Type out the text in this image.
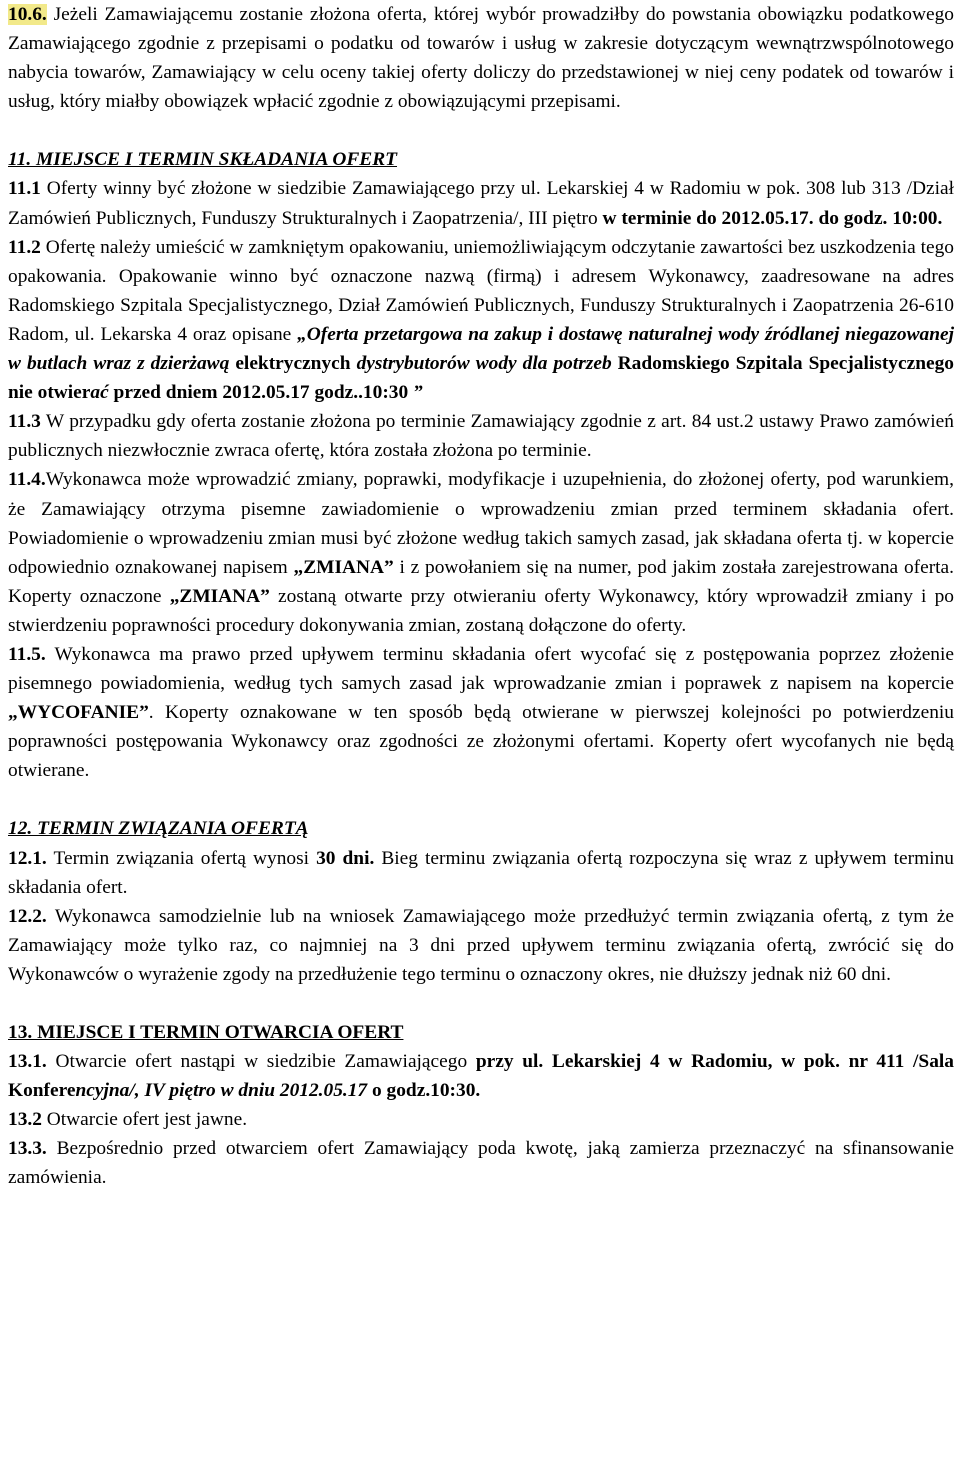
10.6. Jeżeli Zamawiającemu zostanie złożona oferta, której wybór prowadziłby do powstania obowiązku podatkowego Zamawiającego zgodnie z przepisami o podatku od towarów i usług w zakresie dotyczącym wewnątrzwspólnotowego nabycia towarów, Zamawiający w celu oceny takiej oferty doliczy do przedstawionej w niej ceny podatek od towarów i usług, który miałby obowiązek wpłacić zgodnie z obowiązującymi przepisami.

11. MIEJSCE I TERMIN SKŁADANIA OFERT

11.1 Oferty winny być złożone w siedzibie Zamawiającego przy ul. Lekarskiej 4 w Radomiu w pok. 308 lub 313 /Dział Zamówień Publicznych, Funduszy Strukturalnych i Zaopatrzenia/, III piętro w terminie do 2012.05.17. do godz. 10:00.

11.2 Ofertę należy umieścić w zamkniętym opakowaniu, uniemożliwiającym odczytanie zawartości bez uszkodzenia tego opakowania. Opakowanie winno być oznaczone nazwą (firmą) i adresem Wykonawcy, zaadresowane na adres Radomskiego Szpitala Specjalistycznego, Dział Zamówień Publicznych, Funduszy Strukturalnych i Zaopatrzenia 26-610 Radom, ul. Lekarska 4 oraz opisane „Oferta przetargowa na zakup i dostawę naturalnej wody źródlanej niegazowanej w butlach wraz z dzierżawą elektrycznych dystrybutorów wody dla potrzeb Radomskiego Szpitala Specjalistycznego nie otwierać przed dniem 2012.05.17 godz..10:30 ”

11.3 W przypadku gdy oferta zostanie złożona po terminie Zamawiający zgodnie z art. 84 ust.2 ustawy Prawo zamówień publicznych niezwłocznie zwraca ofertę, która została złożona po terminie.

11.4.Wykonawca może wprowadzić zmiany, poprawki, modyfikacje i uzupełnienia, do złożonej oferty, pod warunkiem, że Zamawiający otrzyma pisemne zawiadomienie o wprowadzeniu zmian przed terminem składania ofert. Powiadomienie o wprowadzeniu zmian musi być złożone według takich samych zasad, jak składana oferta tj. w kopercie odpowiednio oznakowanej napisem „ZMIANA” i z powołaniem się na numer, pod jakim została zarejestrowana oferta. Koperty oznaczone „ZMIANA” zostaną otwarte przy otwieraniu oferty Wykonawcy, który wprowadził zmiany i po stwierdzeniu poprawności procedury dokonywania zmian, zostaną dołączone do oferty.

11.5. Wykonawca ma prawo przed upływem terminu składania ofert wycofać się z postępowania poprzez złożenie pisemnego powiadomienia, według tych samych zasad jak wprowadzanie zmian i poprawek z napisem na kopercie „WYCOFANIE”. Koperty oznakowane w ten sposób będą otwierane w pierwszej kolejności po potwierdzeniu poprawności postępowania Wykonawcy oraz zgodności ze złożonymi ofertami. Koperty ofert wycofanych nie będą otwierane.

12. TERMIN ZWIĄZANIA OFERTĄ

12.1. Termin związania ofertą wynosi 30 dni. Bieg terminu związania ofertą rozpoczyna się wraz z upływem terminu składania ofert.

12.2. Wykonawca samodzielnie lub na wniosek Zamawiającego może przedłużyć termin związania ofertą, z tym że Zamawiający może tylko raz, co najmniej na 3 dni przed upływem terminu związania ofertą, zwrócić się do Wykonawców o wyrażenie zgody na przedłużenie tego terminu o oznaczony okres, nie dłuższy jednak niż 60 dni.

13. MIEJSCE I TERMIN OTWARCIA OFERT

13.1. Otwarcie ofert nastąpi w siedzibie Zamawiającego przy ul. Lekarskiej 4 w Radomiu, w pok. nr 411 /Sala Konferencyjna/, IV piętro w dniu 2012.05.17 o godz.10:30.

13.2 Otwarcie ofert jest jawne.

13.3. Bezpośrednio przed otwarciem ofert Zamawiający poda kwotę, jaką zamierza przeznaczyć na sfinansowanie zamówienia.
